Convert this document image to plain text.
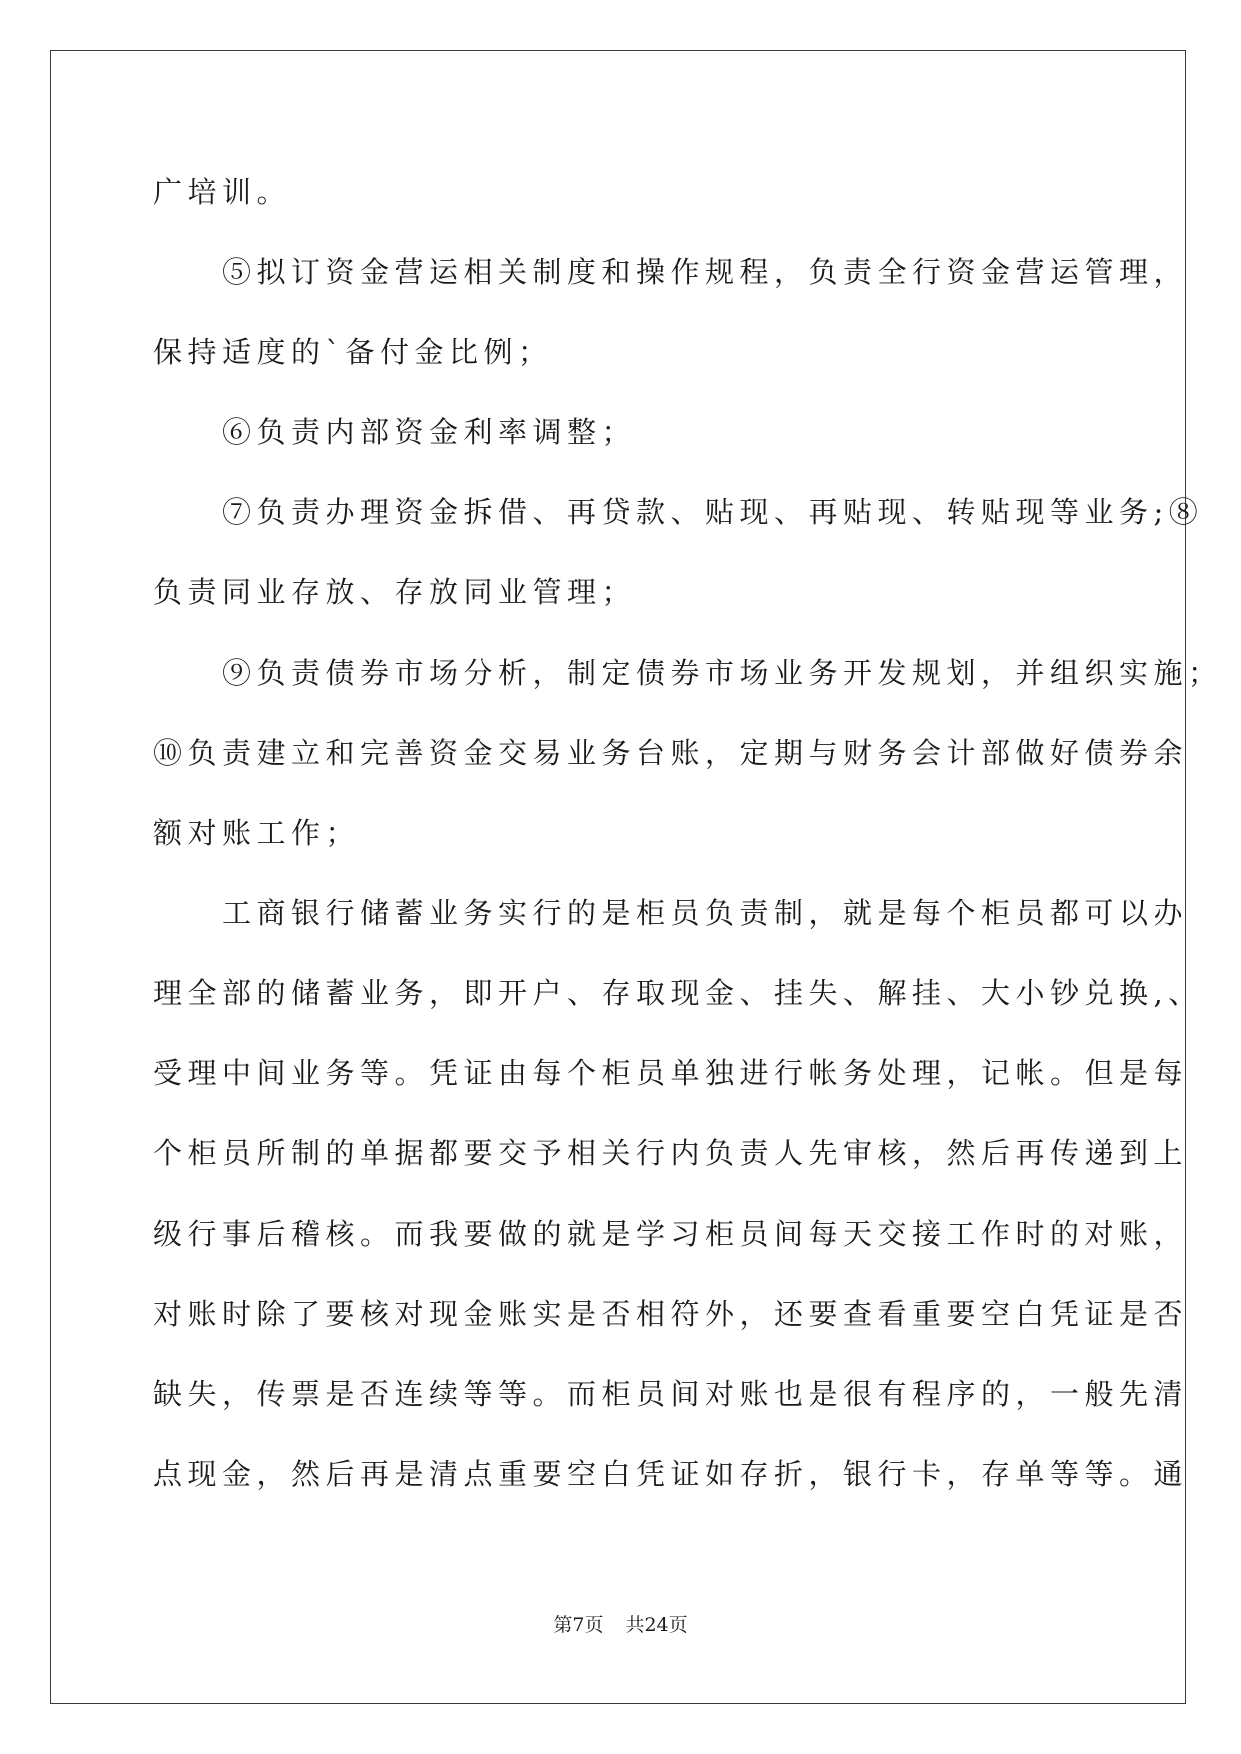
广培训。

　　⑤拟订资金营运相关制度和操作规程，负责全行资金营运管理，

保持适度的`备付金比例；

　　⑥负责内部资金利率调整；

　　⑦负责办理资金拆借、再贷款、贴现、再贴现、转贴现等业务;⑧

负责同业存放、存放同业管理；

　　⑨负责债券市场分析，制定债券市场业务开发规划，并组织实施；

⑩负责建立和完善资金交易业务台账，定期与财务会计部做好债券余

额对账工作；

　　工商银行储蓄业务实行的是柜员负责制，就是每个柜员都可以办

理全部的储蓄业务，即开户、存取现金、挂失、解挂、大小钞兑换,、

受理中间业务等。凭证由每个柜员单独进行帐务处理，记帐。但是每

个柜员所制的单据都要交予相关行内负责人先审核，然后再传递到上

级行事后稽核。而我要做的就是学习柜员间每天交接工作时的对账，

对账时除了要核对现金账实是否相符外，还要查看重要空白凭证是否

缺失，传票是否连续等等。而柜员间对账也是很有程序的，一般先清

点现金，然后再是清点重要空白凭证如存折，银行卡，存单等等。通

第7页 共24页
